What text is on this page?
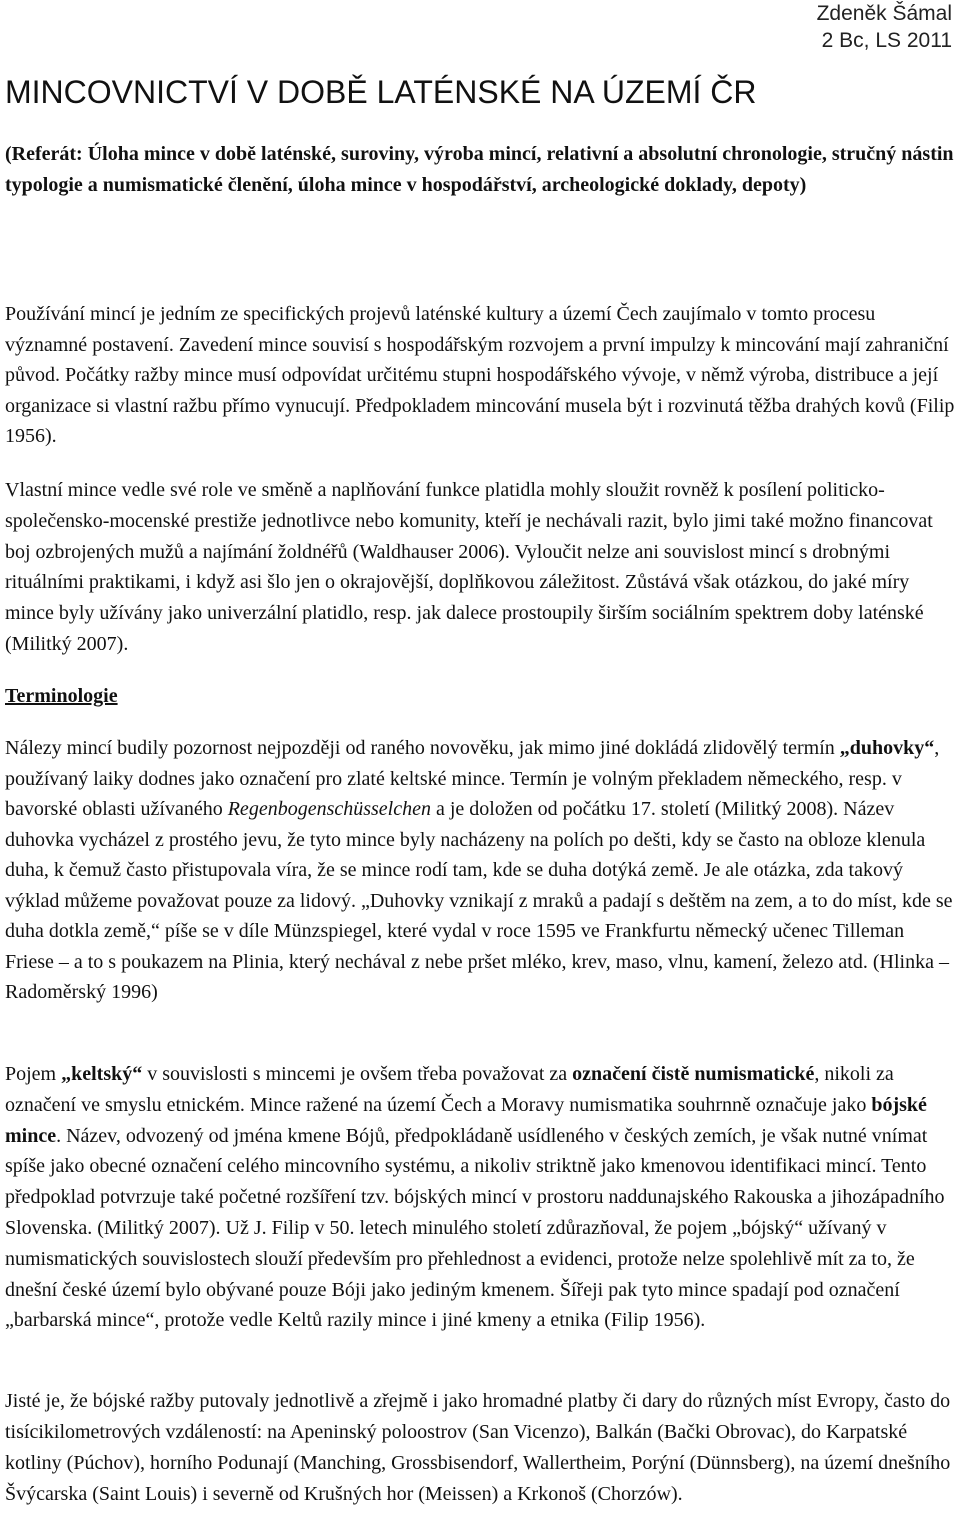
Zdeněk Šámal
2 Bc, LS 2011
MINCOVNICTVÍ V DOBĚ LATÉNSKÉ NA ÚZEMÍ ČR
(Referát: Úloha mince v době laténské, suroviny, výroba mincí, relativní a absolutní chronologie, stručný nástin typologie a numismatické členění, úloha mince v hospodářství, archeologické doklady, depoty)
Používání mincí je jedním ze specifických projevů laténské kultury a území Čech zaujímalo v tomto procesu významné postavení. Zavedení mince souvisí s hospodářským rozvojem a první impulzy k mincování mají zahraniční původ. Počátky ražby mince musí odpovídat určitému stupni hospodářského vývoje, v němž výroba, distribuce a její organizace si vlastní ražbu přímo vynucují. Předpokladem mincování musela být i rozvinutá těžba drahých kovů (Filip 1956).
Vlastní mince vedle své role ve směně a naplňování funkce platidla mohly sloužit rovněž k posílení politicko-společensko-mocenské prestiže jednotlivce nebo komunity, kteří je nechávali razit, bylo jimi také možno financovat boj ozbrojených mužů a najímání žoldnéřů (Waldhauser 2006). Vyloučit nelze ani souvislost mincí s drobnými rituálními praktikami, i když asi šlo jen o okrajovější, doplňkovou záležitost. Zůstává však otázkou, do jaké míry mince byly užívány jako univerzální platidlo, resp. jak dalece prostoupily širším sociálním spektrem doby laténské (Militký 2007).
Terminologie
Nálezy mincí budily pozornost nejpozději od raného novověku, jak mimo jiné dokládá zlidovělý termín „duhovky“, používaný laiky dodnes jako označení pro zlaté keltské mince. Termín je volným překladem německého, resp. v bavorské oblasti užívaného Regenbogenschüsselchen a je doložen od počátku 17. století (Militký 2008). Název duhovka vycházel z prostého jevu, že tyto mince byly nacházeny na polích po dešti, kdy se často na obloze klenula duha, k čemuž často přistupovala víra, že se mince rodí tam, kde se duha dotýká země. Je ale otázka, zda takový výklad můžeme považovat pouze za lidový. „Duhovky vznikají z mraků a padají s deštěm na zem, a to do míst, kde se duha dotkla země,“ píše se v díle Münzspiegel, které vydal v roce 1595 ve Frankfurtu německý učenec Tilleman Friese – a to s poukazem na Plinia, který nechával z nebe pršet mléko, krev, maso, vlnu, kamení, železo atd. (Hlinka – Radoměrský 1996)
Pojem „keltský“ v souvislosti s mincemi je ovšem třeba považovat za označení čistě numismatické, nikoli za označení ve smyslu etnickém. Mince ražené na území Čech a Moravy numismatika souhrnně označuje jako bójské mince. Název, odvozený od jména kmene Bójů, předpokládaně usídleného v českých zemích, je však nutné vnímat spíše jako obecné označení celého mincovního systému, a nikoliv striktně jako kmenovou identifikaci mincí. Tento předpoklad potvrzuje také početné rozšíření tzv. bójských mincí v prostoru naddunajského Rakouska a jihozápadního Slovenska. (Militký 2007). Už J. Filip v 50. letech minulého století zdůrazňoval, že pojem „bójský“ užívaný v numismatických souvislostech slouží především pro přehlednost a evidenci, protože nelze spolehlivě mít za to, že dnešní české území bylo obývané pouze Bóji jako jediným kmenem. Šířeji pak tyto mince spadají pod označení „barbarská mince“, protože vedle Keltů razily mince i jiné kmeny a etnika (Filip 1956).
Jisté je, že bójské ražby putovaly jednotlivě a zřejmě i jako hromadné platby či dary do různých míst Evropy, často do tisícikilometrových vzdáleností: na Apeninský poloostrov (San Vicenzo), Balkán (Bački Obrovac), do Karpatské kotliny (Púchov), horního Podunají (Manching, Grossbisendorf, Wallertheim, Porýní (Dünnsberg), na území dnešního Švýcarska (Saint Louis) i severně od Krušných hor (Meissen) a Krkonoš (Chorzów).
